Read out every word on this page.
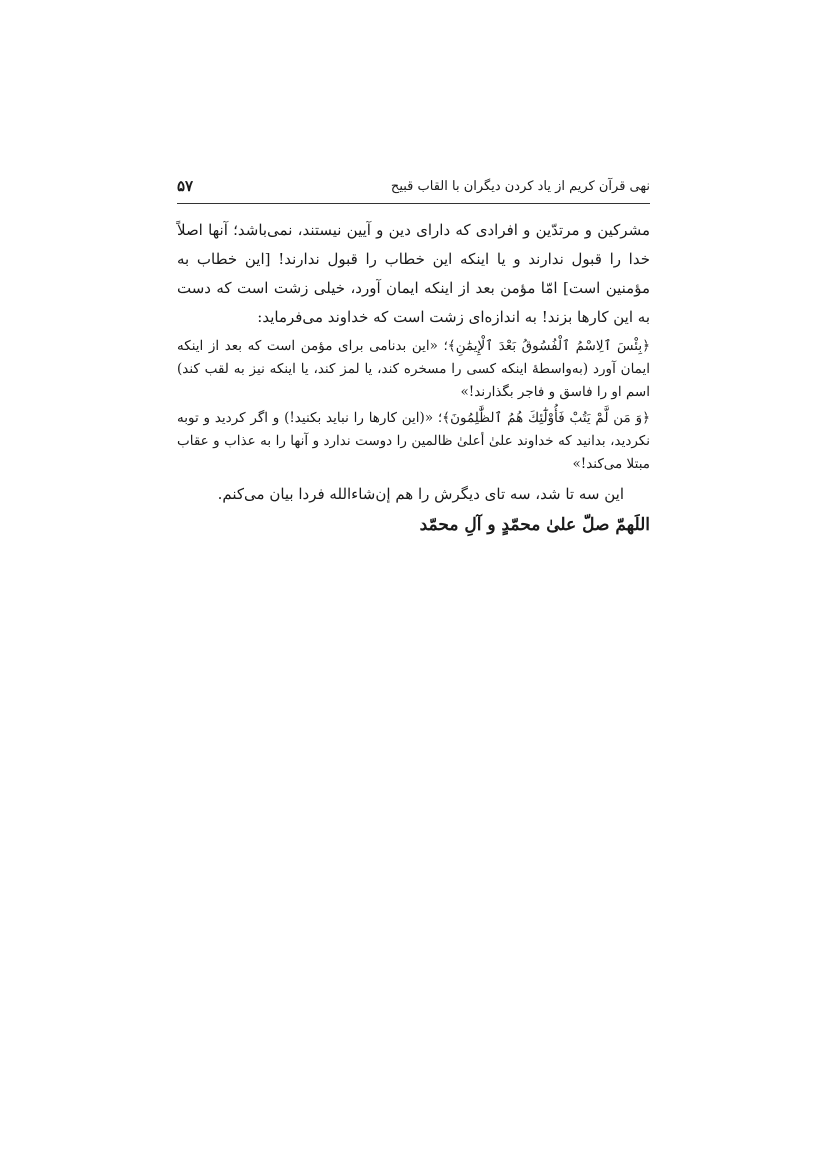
نهی قرآن کریم از یاد کردن دیگران با القاب قبیح
۵۷

مشرکین و مرتدّین و افرادی که دارای دین و آیین نیستند، نمی‌باشد؛ آنها اصلاً خدا را قبول ندارند و یا اینکه این خطاب را قبول ندارند! [این خطاب به مؤمنین است] امّا مؤمن بعد از اینکه ایمان آورد، خیلی زشت است که دست به این کارها بزند! به اندازه‌ای زشت است که خداوند می‌فرماید:

﴿بِئْسَ ٱلِاسْمُ ٱلْفُسُوقُ بَعْدَ ٱلْإِيمَٰنِ﴾؛ «این بدنامی برای مؤمن است که بعد از اینکه ایمان آورد (به‌واسطهٔ اینکه کسی را مسخره کند، یا لمز کند، یا اینکه نیز به لقب کند) اسم او را فاسق و فاجر بگذارند!»

﴿وَ مَن لَّمْ يَتُبْ فَأُوْلَٰٓئِكَ هُمُ ٱلظَّٰلِمُونَ﴾؛ «(این کارها را نباید بکنید!) و اگر کردید و توبه نکردید، بدانید که خداوند علیٰ أعلیٰ ظالمین را دوست ندارد و آنها را به عذاب و عقاب مبتلا می‌کند!»

این سه تا شد، سه تای دیگرش را هم إن‌شاءالله فردا بیان می‌کنم.

اللَهمّ صلّ علیٰ محمّدٍ و آلِ محمّد
